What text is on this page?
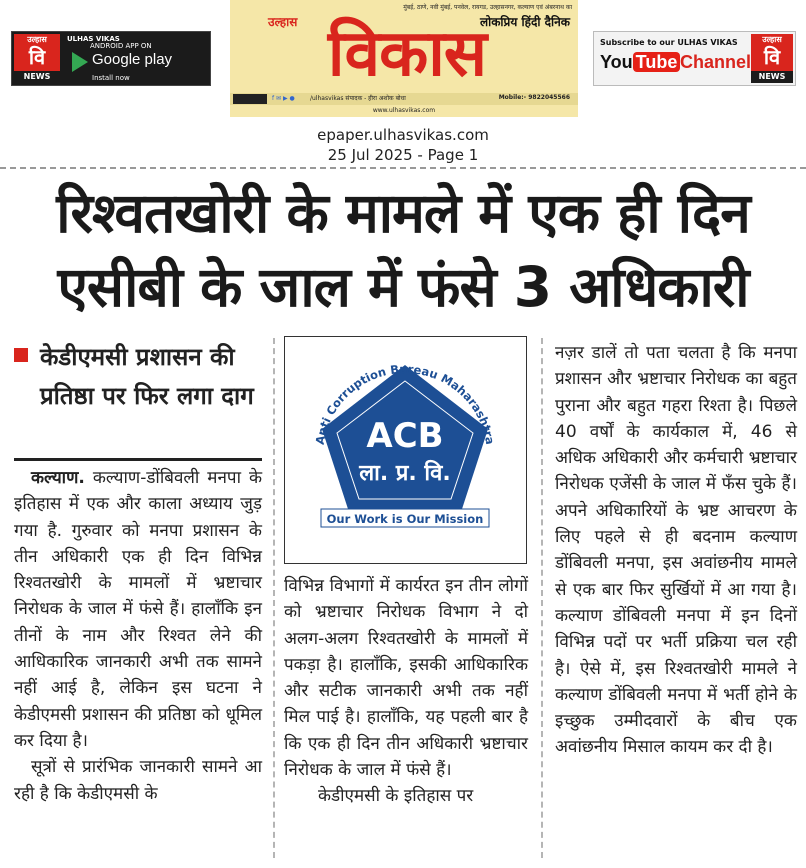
उल्हास
वि
NEWS
ULHAS VIKAS
ANDROID APP ON
Google play
Install now
मुंबई, ठाणे, नवी मुंबई, पनवेल, रायगड, उल्हासनगर, कल्याण एवं अंबरनाथ का
लोकप्रिय हिंदी दैनिक
उल्हास विकास
f ✉ ▶ ●	/ulhasvikas संपादक - हीरा अशोक बोधा	Mobile:- 9822045566
www.ulhasvikas.com
Subscribe to our ULHAS VIKAS
You Tube Channel
उल्हास
वि
NEWS
epaper.ulhasvikas.com
25 Jul 2025 - Page 1
रिश्वतखोरी के मामले में एक ही दिन
एसीबी के जाल में फंसे 3 अधिकारी
केडीएमसी प्रशासन की प्रतिष्ठा पर फिर लगा दाग

 कल्याण. कल्याण-डोंबिवली मनपा के इतिहास में एक और काला अध्याय जुड़ गया है. गुरुवार को मनपा प्रशासन के तीन अधिकारी एक ही दिन विभिन्न रिश्वतखोरी के मामलों में भ्रष्टाचार निरोधक के जाल में फंसे हैं। हालाँकि इन तीनों के नाम और रिश्वत लेने की आधिकारिक जानकारी अभी तक सामने नहीं आई है, लेकिन इस घटना ने केडीएमसी प्रशासन की प्रतिष्ठा को धूमिल कर दिया है।

 सूत्रों से प्रारंभिक जानकारी सामने आ रही है कि केडीएमसी के

Anti Corruption Bureau Maharashtra
ACB
ला. प्र. वि.
Our Work is Our Mission

विभिन्न विभागों में कार्यरत इन तीन लोगों को भ्रष्टाचार निरोधक विभाग ने दो अलग-अलग रिश्वतखोरी के मामलों में पकड़ा है। हालाँकि, इसकी आधिकारिक और सटीक जानकारी अभी तक नहीं मिल पाई है। हालाँकि, यह पहली बार है कि एक ही दिन तीन अधिकारी भ्रष्टाचार निरोधक के जाल में फंसे हैं।

  केडीएमसी के इतिहास पर

नज़र डालें तो पता चलता है कि मनपा प्रशासन और भ्रष्टाचार निरोधक का बहुत पुराना और बहुत गहरा रिश्ता है। पिछले 40 वर्षों के कार्यकाल में, 46 से अधिक अधिकारी और कर्मचारी भ्रष्टाचार निरोधक एजेंसी के जाल में फँस चुके हैं। अपने अधिकारियों के भ्रष्ट आचरण के लिए पहले से ही बदनाम कल्याण डोंबिवली मनपा, इस अवांछनीय मामले से एक बार फिर सुर्खियों में आ गया है। कल्याण डोंबिवली मनपा में इन दिनों विभिन्न पदों पर भर्ती प्रक्रिया चल रही है। ऐसे में, इस रिश्वतखोरी मामले ने कल्याण डोंबिवली मनपा में भर्ती होने के इच्छुक उम्मीदवारों के बीच एक अवांछनीय मिसाल कायम कर दी है।
